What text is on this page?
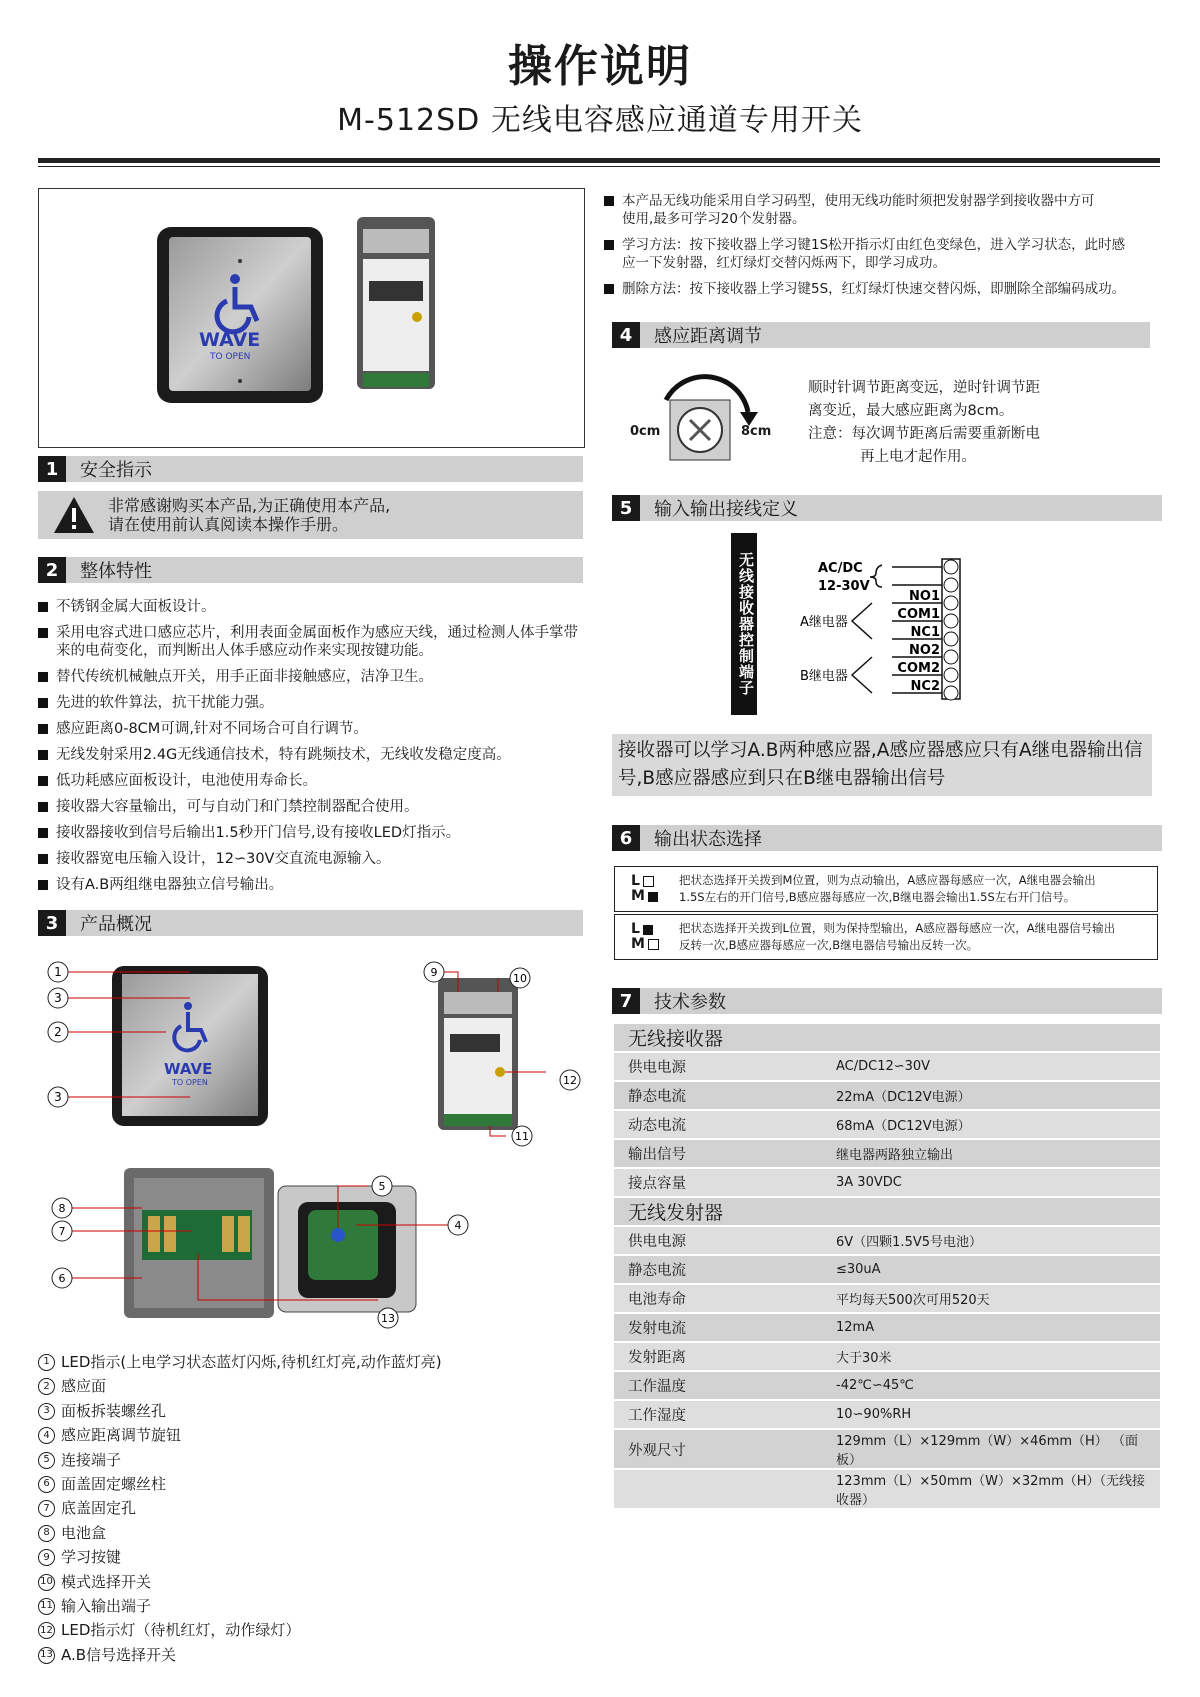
操作说明
M-512SD 无线电容感应通道专用开关
WAVE
TO OPEN
1	安全指示
非常感谢购买本产品,为正确使用本产品,
请在使用前认真阅读本操作手册。
2	整体特性
不锈钢金属大面板设计。
采用电容式进口感应芯片，利用表面金属面板作为感应天线，通过检测人体手掌带来的电荷变化，而判断出人体手感应动作来实现按键功能。
替代传统机械触点开关，用手正面非接触感应，洁净卫生。
先进的软件算法，抗干扰能力强。
感应距离0-8CM可调,针对不同场合可自行调节。
无线发射采用2.4G无线通信技术，特有跳频技术，无线收发稳定度高。
低功耗感应面板设计，电池使用寿命长。
接收器大容量输出，可与自动门和门禁控制器配合使用。
接收器接收到信号后输出1.5秒开门信号,设有接收LED灯指示。
接收器宽电压输入设计，12∽30V交直流电源输入。
设有A.B两组继电器独立信号输出。
3	产品概况
WAVE
TO OPEN
1
3
2
3
9	10
12
11
5
4
13
8
7
6
1 LED指示(上电学习状态蓝灯闪烁,待机红灯亮,动作蓝灯亮)
2 感应面
3 面板拆装螺丝孔
4 感应距离调节旋钮
5 连接端子
6 面盖固定螺丝柱
7 底盖固定孔
8 电池盒
9 学习按键
10 模式选择开关
11 输入输出端子
12 LED指示灯（待机红灯，动作绿灯）
13 A.B信号选择开关
本产品无线功能采用自学习码型，使用无线功能时须把发射器学到接收器中方可使用,最多可学习20个发射器。
学习方法：按下接收器上学习键1S松开指示灯由红色变绿色，进入学习状态，此时感应一下发射器，红灯绿灯交替闪烁两下，即学习成功。
删除方法：按下接收器上学习键5S，红灯绿灯快速交替闪烁，即删除全部编码成功。
4	感应距离调节
0cm	8cm
顺时针调节距离变远，逆时针调节距
离变近，最大感应距离为8cm。
注意： 每次调节距离后需要重新断电
再上电才起作用。
5	输入输出接线定义
无线接收器控制端子	NO1
COM1
NC1
NO2
COM2
NC2
AC/DC
12-30V
A继电器
B继电器
接收器可以学习A.B两种感应器,A感应器感应只有A继电器输出信号,B感应器感应到只在B继电器输出信号
6	输出状态选择
L
M
把状态选择开关拨到M位置，则为点动输出，A感应器每感应一次，A继电器会输出
1.5S左右的开门信号,B感应器每感应一次,B继电器会输出1.5S左右开门信号。
L
M
把状态选择开关拨到L位置，则为保持型输出，A感应器每感应一次，A继电器信号输出
反转一次,B感应器每感应一次,B继电器信号输出反转一次。
7	技术参数
无线接收器	
供电电源	AC/DC12∽30V
静态电流	22mA（DC12V电源）
动态电流	68mA（DC12V电源）
输出信号	继电器两路独立输出
接点容量	3A 30VDC
无线发射器	
供电电源	6V（四颗1.5V5号电池）
静态电流	≤30uA
电池寿命	平均每天500次可用520天
发射电流	12mA
发射距离	大于30米
工作温度	-42℃∽45℃
工作湿度	10∽90%RH
外观尺寸	129mm（L）×129mm（W）×46mm（H） （面板）
	123mm（L）×50mm（W）×32mm（H）（无线接收器）
